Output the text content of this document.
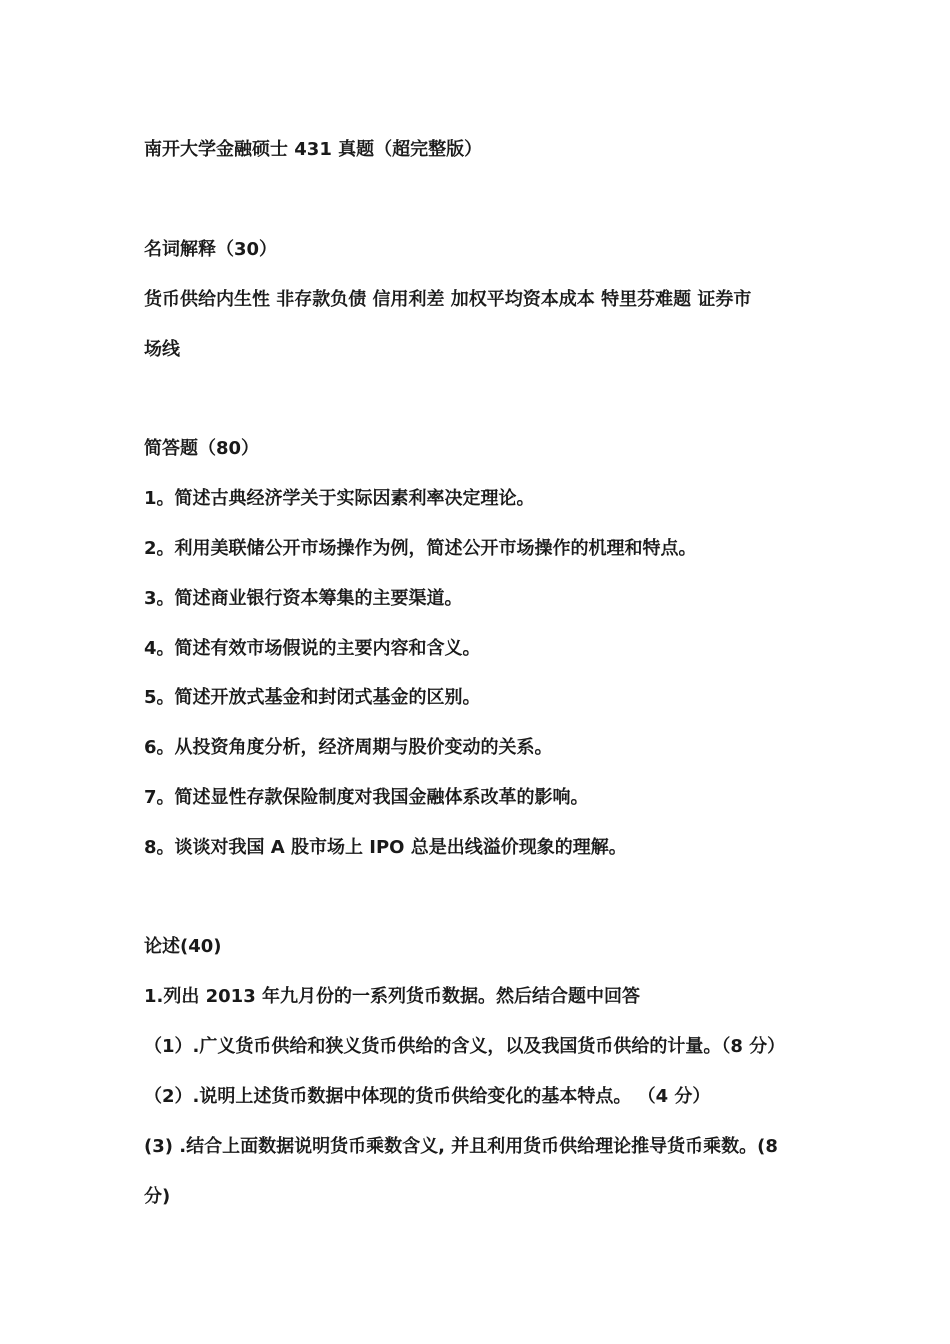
南开大学金融硕士 431 真题（超完整版）
名词解释（30）
货币供给内生性 非存款负债 信用利差 加权平均资本成本 特里芬难题 证券市
场线
简答题（80）
1。简述古典经济学关于实际因素利率决定理论。
2。利用美联储公开市场操作为例，简述公开市场操作的机理和特点。
3。简述商业银行资本筹集的主要渠道。
4。简述有效市场假说的主要内容和含义。
5。简述开放式基金和封闭式基金的区别。
6。从投资角度分析，经济周期与股价变动的关系。
7。简述显性存款保险制度对我国金融体系改革的影响。
8。谈谈对我国 A 股市场上 IPO 总是出线溢价现象的理解。
论述(40)
1.列出 2013 年九月份的一系列货币数据。然后结合题中回答
（1）.广义货币供给和狭义货币供给的含义，以及我国货币供给的计量。（8 分）
（2）.说明上述货币数据中体现的货币供给变化的基本特点。 （4 分）
(3) .结合上面数据说明货币乘数含义, 并且利用货币供给理论推导货币乘数。(8
分)
